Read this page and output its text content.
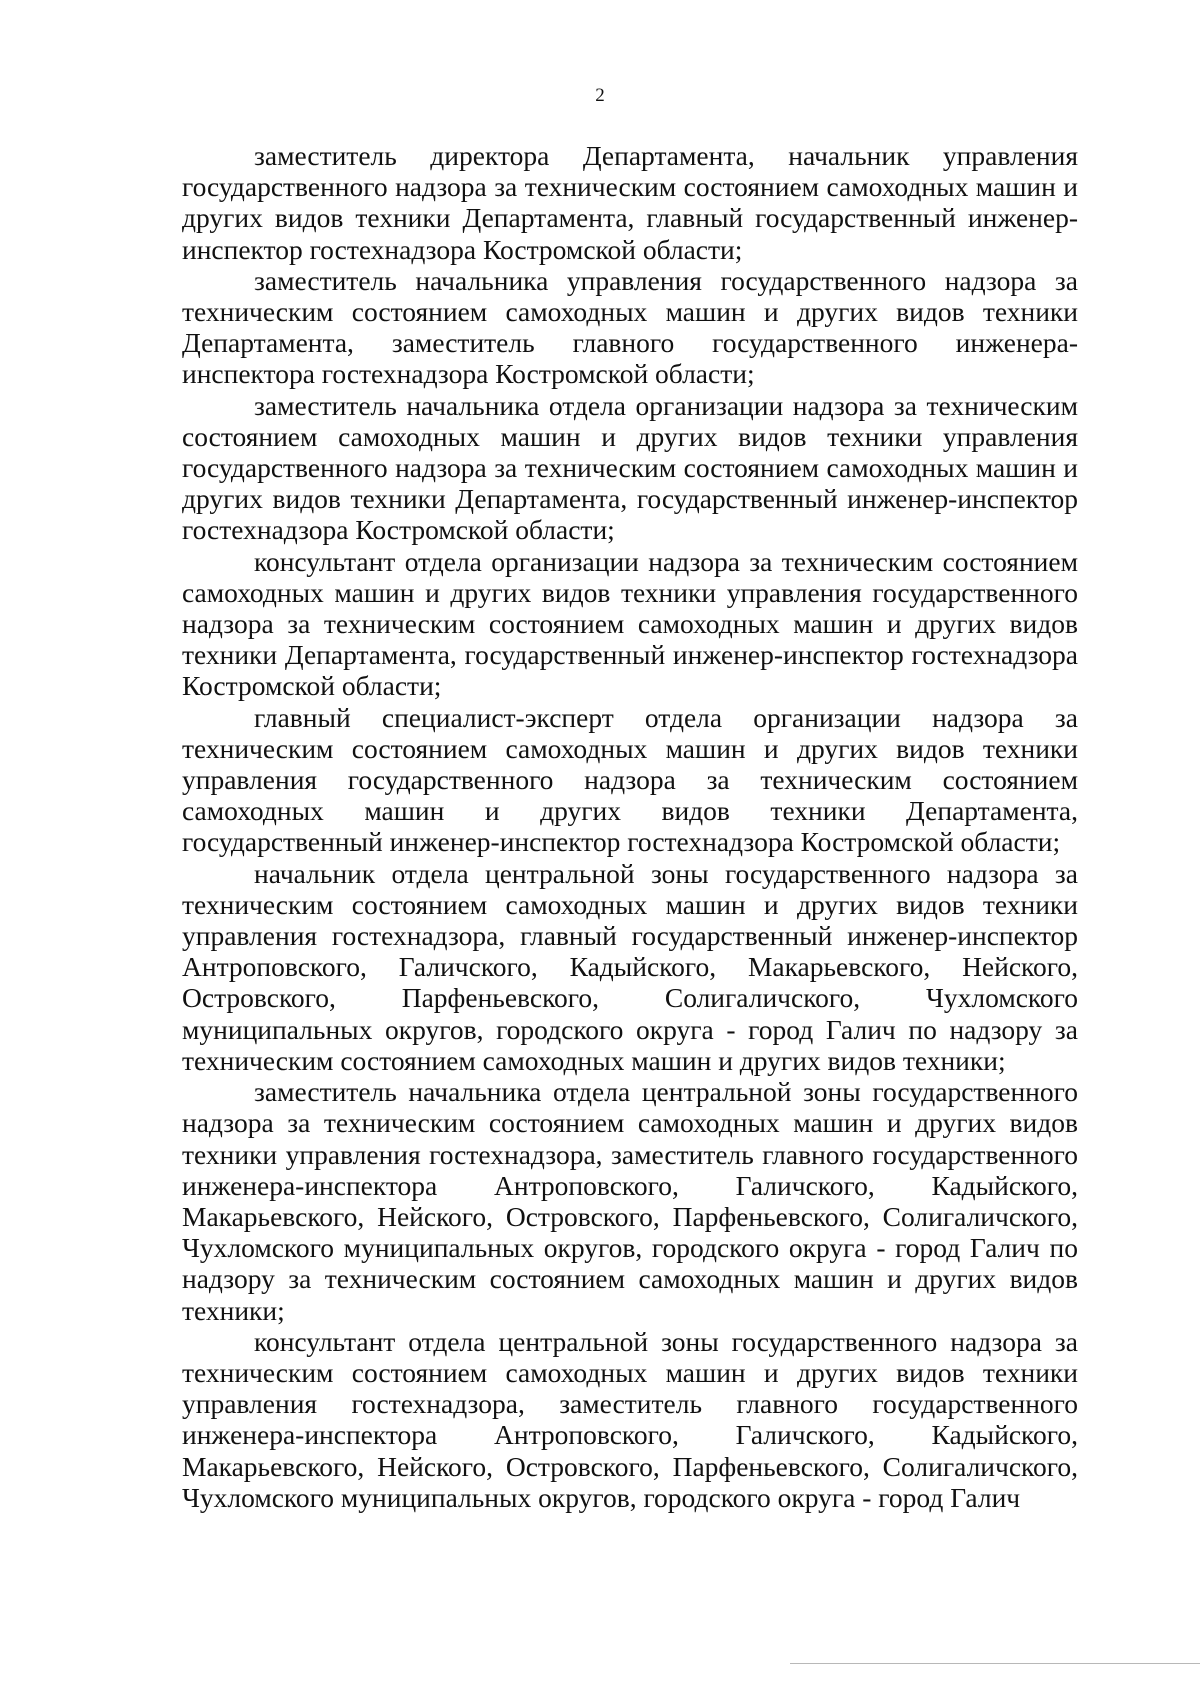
2

заместитель директора Департамента, начальник управления государственного надзора за техническим состоянием самоходных машин и других видов техники Департамента, главный государственный инженер-инспектор гостехнадзора Костромской области;

заместитель начальника управления государственного надзора за техническим состоянием самоходных машин и других видов техники Департамента, заместитель главного государственного инженера-инспектора гостехнадзора Костромской области;

заместитель начальника отдела организации надзора за техническим состоянием самоходных машин и других видов техники управления государственного надзора за техническим состоянием самоходных машин и других видов техники Департамента, государственный инженер-инспектор гостехнадзора Костромской области;

консультант отдела организации надзора за техническим состоянием самоходных машин и других видов техники управления государственного надзора за техническим состоянием самоходных машин и других видов техники Департамента, государственный инженер-инспектор гостехнадзора Костромской области;

главный специалист-эксперт отдела организации надзора за техническим состоянием самоходных машин и других видов техники управления государственного надзора за техническим состоянием самоходных машин и других видов техники Департамента, государственный инженер-инспектор гостехнадзора Костромской области;

начальник отдела центральной зоны государственного надзора за техническим состоянием самоходных машин и других видов техники управления гостехнадзора, главный государственный инженер-инспектор Антроповского, Галичского, Кадыйского, Макарьевского, Нейского, Островского, Парфеньевского, Солигаличского, Чухломского муниципальных округов, городского округа - город Галич по надзору за техническим состоянием самоходных машин и других видов техники;

заместитель начальника отдела центральной зоны государственного надзора за техническим состоянием самоходных машин и других видов техники управления гостехнадзора, заместитель главного государственного инженера-инспектора Антроповского, Галичского, Кадыйского, Макарьевского, Нейского, Островского, Парфеньевского, Солигаличского, Чухломского муниципальных округов, городского округа - город Галич по надзору за техническим состоянием самоходных машин и других видов техники;

консультант отдела центральной зоны государственного надзора за техническим состоянием самоходных машин и других видов техники управления гостехнадзора, заместитель главного государственного инженера-инспектора Антроповского, Галичского, Кадыйского, Макарьевского, Нейского, Островского, Парфеньевского, Солигаличского, Чухломского муниципальных округов, городского округа - город Галич
